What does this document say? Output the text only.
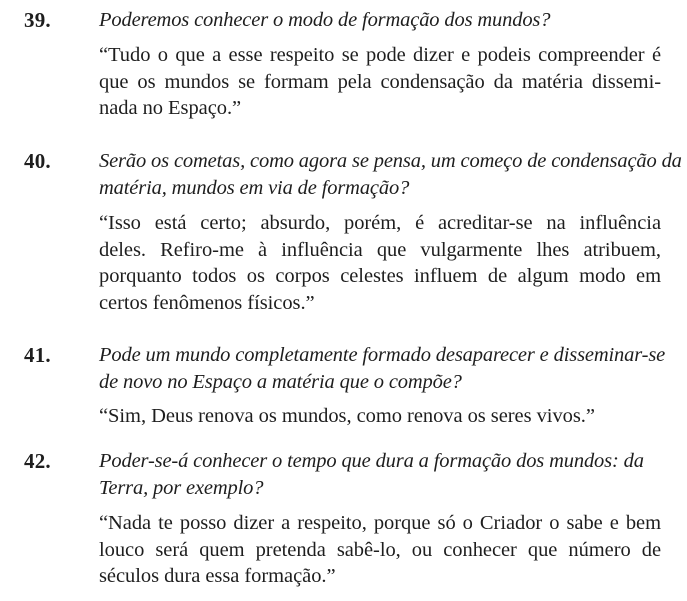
39. Poderemos conhecer o modo de formação dos mundos?
“Tudo o que a esse respeito se pode dizer e podeis compreender é
que os mundos se formam pela condensação da matéria dissemi-
nada no Espaço.”
40. Serão os cometas, como agora se pensa, um começo de condensação da
matéria, mundos em via de formação?
“Isso está certo; absurdo, porém, é acreditar-se na influência
deles. Refiro-me à influência que vulgarmente lhes atribuem,
porquanto todos os corpos celestes influem de algum modo em
certos fenômenos físicos.”
41. Pode um mundo completamente formado desaparecer e disseminar-se
de novo no Espaço a matéria que o compõe?
“Sim, Deus renova os mundos, como renova os seres vivos.”
42. Poder-se-á conhecer o tempo que dura a formação dos mundos: da
Terra, por exemplo?
“Nada te posso dizer a respeito, porque só o Criador o sabe e bem
louco será quem pretenda sabê-lo, ou conhecer que número de
séculos dura essa formação.”
